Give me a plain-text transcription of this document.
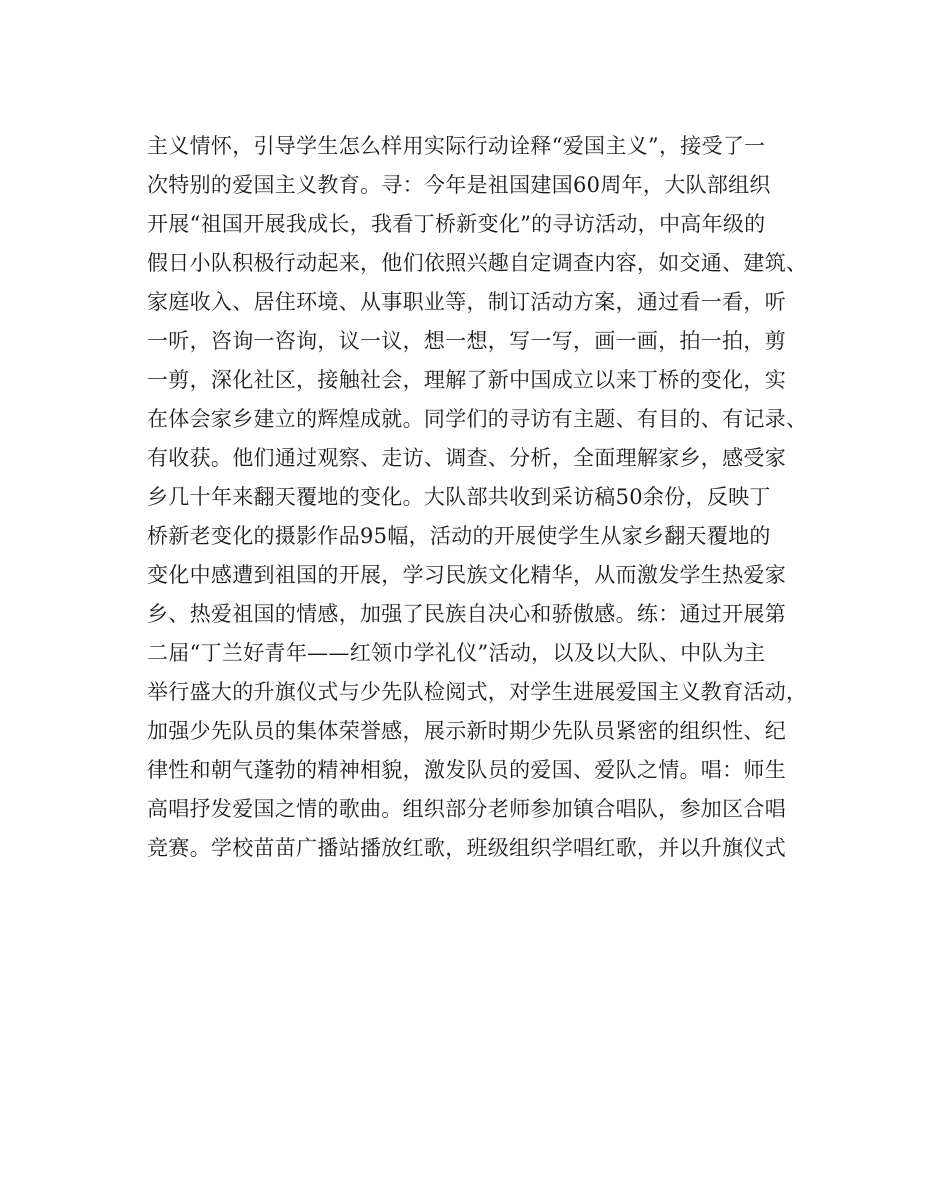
主义情怀，引导学生怎么样用实际行动诠释“爱国主义”，接受了一
次特别的爱国主义教育。寻：今年是祖国建国60周年，大队部组织
开展“祖国开展我成长，我看丁桥新变化”的寻访活动，中高年级的
假日小队积极行动起来，他们依照兴趣自定调查内容，如交通、建筑、
家庭收入、居住环境、从事职业等，制订活动方案，通过看一看，听
一听，咨询一咨询，议一议，想一想，写一写，画一画，拍一拍，剪
一剪，深化社区，接触社会，理解了新中国成立以来丁桥的变化，实
在体会家乡建立的辉煌成就。同学们的寻访有主题、有目的、有记录、
有收获。他们通过观察、走访、调查、分析，全面理解家乡，感受家
乡几十年来翻天覆地的变化。大队部共收到采访稿50余份，反映丁
桥新老变化的摄影作品95幅，活动的开展使学生从家乡翻天覆地的
变化中感遭到祖国的开展，学习民族文化精华，从而激发学生热爱家
乡、热爱祖国的情感，加强了民族自决心和骄傲感。练：通过开展第
二届“丁兰好青年——红领巾学礼仪”活动，以及以大队、中队为主
举行盛大的升旗仪式与少先队检阅式，对学生进展爱国主义教育活动，
加强少先队员的集体荣誉感，展示新时期少先队员紧密的组织性、纪
律性和朝气蓬勃的精神相貌，激发队员的爱国、爱队之情。唱：师生
高唱抒发爱国之情的歌曲。组织部分老师参加镇合唱队，参加区合唱
竞赛。学校苗苗广播站播放红歌，班级组织学唱红歌，并以升旗仪式
